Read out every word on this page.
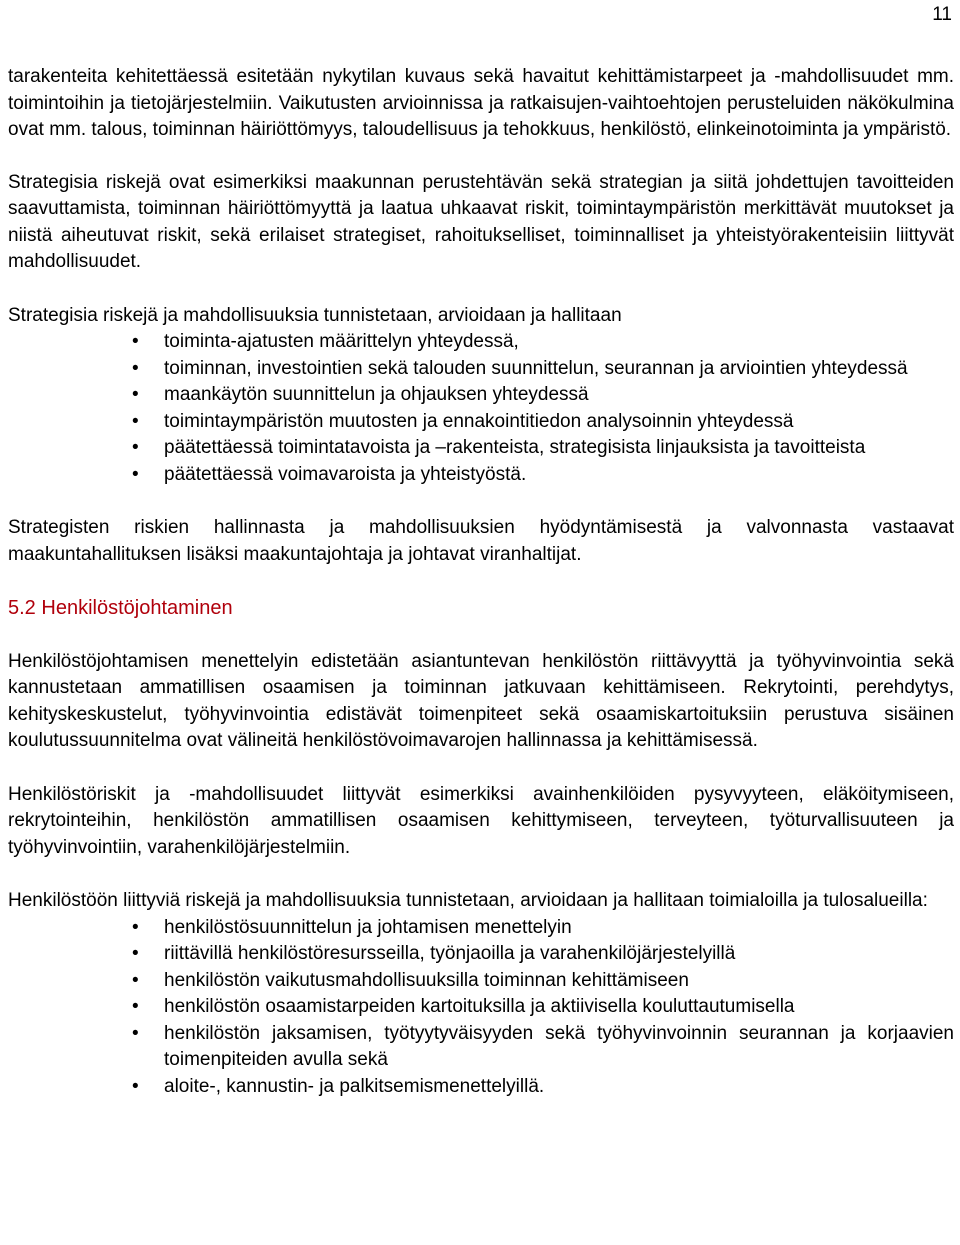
11

tarakenteita kehitettäessä esitetään nykytilan kuvaus sekä havaitut kehittämistarpeet ja -mahdollisuudet mm. toimintoihin ja tietojärjestelmiin. Vaikutusten arvioinnissa ja ratkaisujen-vaihtoehtojen perusteluiden näkökulmina ovat mm. talous, toiminnan häiriöttömyys, taloudellisuus ja tehokkuus, henkilöstö, elinkeinotoiminta ja ympäristö.

Strategisia riskejä ovat esimerkiksi maakunnan perustehtävän sekä strategian ja siitä johdettujen tavoitteiden saavuttamista, toiminnan häiriöttömyyttä ja laatua uhkaavat riskit, toimintaympäristön merkittävät muutokset ja niistä aiheutuvat riskit, sekä erilaiset strategiset, rahoitukselliset, toiminnalliset ja yhteistyörakenteisiin liittyvät mahdollisuudet.

Strategisia riskejä ja mahdollisuuksia tunnistetaan, arvioidaan ja hallitaan

• toiminta-ajatusten määrittelyn yhteydessä,
• toiminnan, investointien sekä talouden suunnittelun, seurannan ja arviointien yhteydessä
• maankäytön suunnittelun ja ohjauksen yhteydessä
• toimintaympäristön muutosten ja ennakointitiedon analysoinnin yhteydessä
• päätettäessä toimintatavoista ja –rakenteista, strategisista linjauksista ja tavoitteista
• päätettäessä voimavaroista ja yhteistyöstä.

Strategisten riskien hallinnasta ja mahdollisuuksien hyödyntämisestä ja valvonnasta vastaavat maakuntahallituksen lisäksi maakuntajohtaja ja johtavat viranhaltijat.

5.2 Henkilöstöjohtaminen

Henkilöstöjohtamisen menettelyin edistetään asiantuntevan henkilöstön riittävyyttä ja työhyvinvointia sekä kannustetaan ammatillisen osaamisen ja toiminnan jatkuvaan kehittämiseen. Rekrytointi, perehdytys, kehityskeskustelut, työhyvinvointia edistävät toimenpiteet sekä osaamiskartoituksiin perustuva sisäinen koulutussuunnitelma ovat välineitä henkilöstövoimavarojen hallinnassa ja kehittämisessä.

Henkilöstöriskit ja -mahdollisuudet liittyvät esimerkiksi avainhenkilöiden pysyvyyteen, eläköitymiseen, rekrytointeihin, henkilöstön ammatillisen osaamisen kehittymiseen, terveyteen, työturvallisuuteen ja työhyvinvointiin, varahenkilöjärjestelmiin.

Henkilöstöön liittyviä riskejä ja mahdollisuuksia tunnistetaan, arvioidaan ja hallitaan toimialoilla ja tulosalueilla:

• henkilöstösuunnittelun ja johtamisen menettelyin
• riittävillä henkilöstöresursseilla, työnjaoilla ja varahenkilöjärjestelyillä
• henkilöstön vaikutusmahdollisuuksilla toiminnan kehittämiseen
• henkilöstön osaamistarpeiden kartoituksilla ja aktiivisella kouluttautumisella
• henkilöstön jaksamisen, työtyytyväisyyden sekä työhyvinvoinnin seurannan ja korjaavien toimenpiteiden avulla sekä
• aloite-, kannustin- ja palkitsemismenettelyillä.
